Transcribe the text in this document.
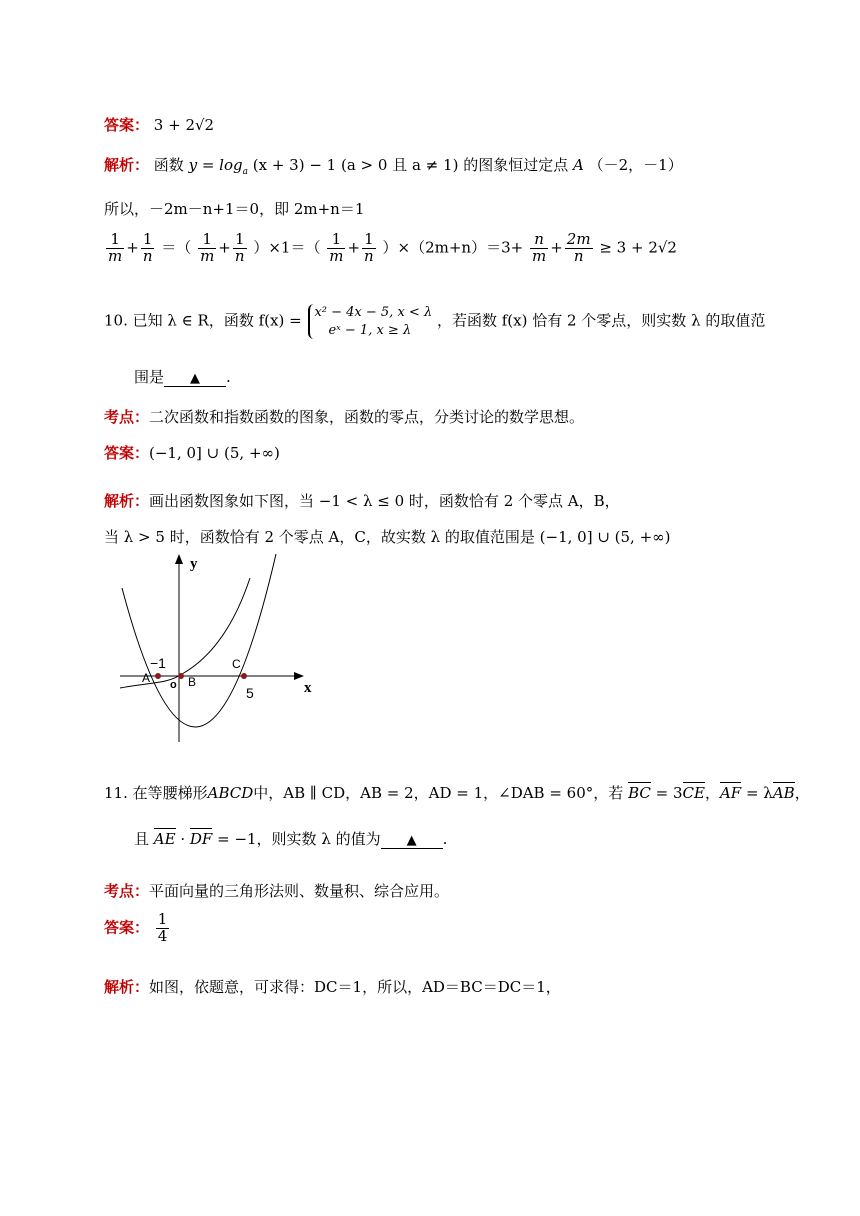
答案： 3 + 2√2
解析： 函数 $y = \log_a (x + 3) - 1$ (a > 0 且 a ≠ 1) 的图象恒过定点 A （－2，－1）
所以，－2m－n+1＝0，即 2m+n＝1
$\frac{1}{m} + \frac{1}{n}$ ＝（ $\frac{1}{m} + \frac{1}{n} )\times 1=( \frac{1}{m} + \frac{1}{n} )\times(2m+n)=3+ \frac{n}{m} + \frac{2m}{n} \ge 3 + 2√2$
10. 已知 λ ∈ R，函数 f(x) = x² − 4x − 5, x < λ
eˣ − 1, x ≥ λ
，若函数 f(x) 恰有 2 个零点，则实数 λ 的取值范
围是 ▲ .
考点：二次函数和指数函数的图象，函数的零点，分类讨论的数学思想。
答案：(−1, 0] ∪ (5, +∞)
解析：画出函数图象如下图，当 −1 < λ ≤ 0 时，函数恰有 2 个零点 A，B，
当 λ > 5 时，函数恰有 2 个零点 A，C，故实数 λ 的取值范围是 (−1, 0] ∪ (5, +∞)
y
x
−1
A o B
C
5
11. 在等腰梯形ABCD中，AB ∥ CD，AB = 2，AD = 1，∠DAB = 60°，若 BC = 3CE，AF = λAB，
且 AE · DF = −1，则实数 λ 的值为 ▲ .
考点：平面向量的三角形法则、数量积、综合应用。
答案： $\frac{1}{4}$
解析：如图，依题意，可求得：DC＝1，所以，AD＝BC＝DC＝1，
